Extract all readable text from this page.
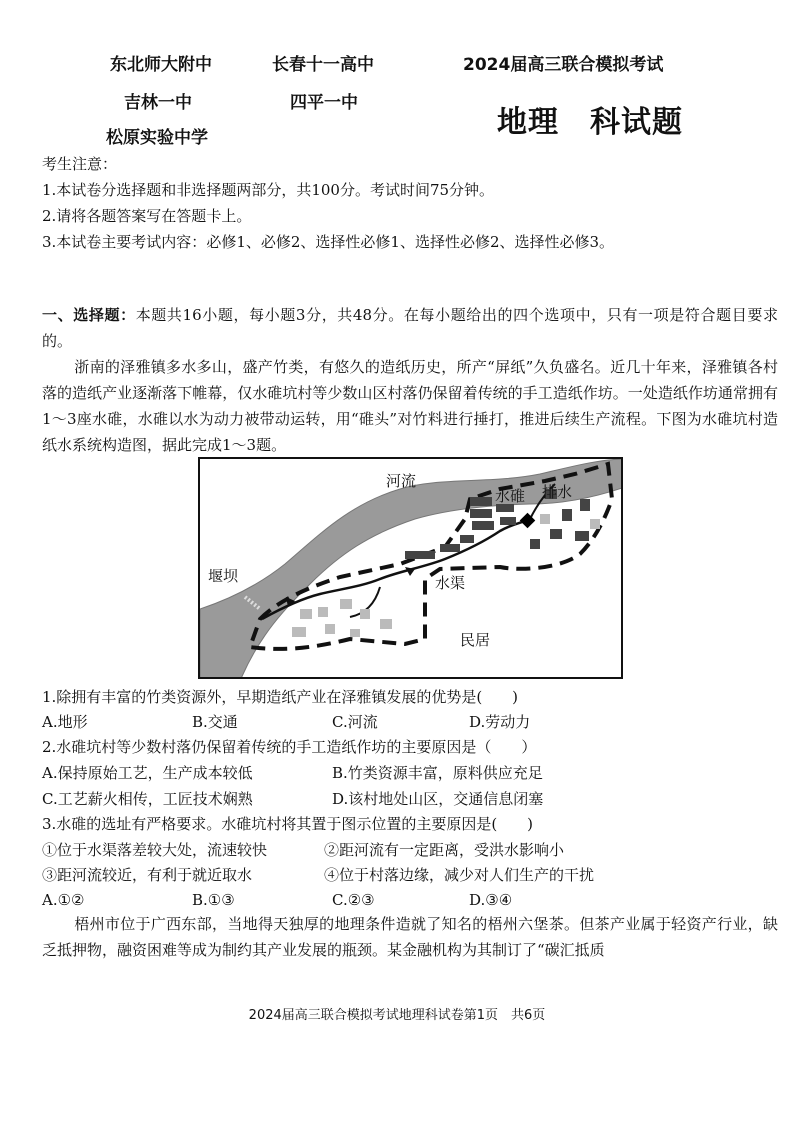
东北师大附中	长春十一高中	2024届高三联合模拟考试
吉林一中	四平一中
地理　科试题
松原实验中学
考生注意：
1.本试卷分选择题和非选择题两部分，共100分。考试时间75分钟。
2.请将各题答案写在答题卡上。
3.本试卷主要考试内容：必修1、必修2、选择性必修1、选择性必修2、选择性必修3。
一、选择题：本题共16小题，每小题3分，共48分。在每小题给出的四个选项中，只有一项是符合题目要求的。
浙南的泽雅镇多水多山，盛产竹类，有悠久的造纸历史，所产“屏纸”久负盛名。近几十年来，泽雅镇各村落的造纸产业逐渐落下帷幕，仅水碓坑村等少数山区村落仍保留着传统的手工造纸作坊。一处造纸作坊通常拥有1～3座水碓，水碓以水为动力被带动运转，用“碓头”对竹料进行捶打，推进后续生产流程。下图为水碓坑村造纸水系统构造图，据此完成1～3题。
河流
水碓 排水
堰坝	水渠
民居
1.除拥有丰富的竹类资源外，早期造纸产业在泽雅镇发展的优势是(　　)
A.地形	B.交通	C.河流	D.劳动力
2.水碓坑村等少数村落仍保留着传统的手工造纸作坊的主要原因是（　　）
A.保持原始工艺，生产成本较低	B.竹类资源丰富，原料供应充足
C.工艺薪火相传，工匠技术娴熟	D.该村地处山区，交通信息闭塞
3.水碓的选址有严格要求。水碓坑村将其置于图示位置的主要原因是(　　)
①位于水渠落差较大处，流速较快	②距河流有一定距离，受洪水影响小
③距河流较近，有利于就近取水	④位于村落边缘，减少对人们生产的干扰
A.①②	B.①③	C.②③	D.③④
梧州市位于广西东部，当地得天独厚的地理条件造就了知名的梧州六堡茶。但茶产业属于轻资产行业，缺乏抵押物，融资困难等成为制约其产业发展的瓶颈。某金融机构为其制订了“碳汇抵质
2024届高三联合模拟考试地理科试卷第1页　共6页
